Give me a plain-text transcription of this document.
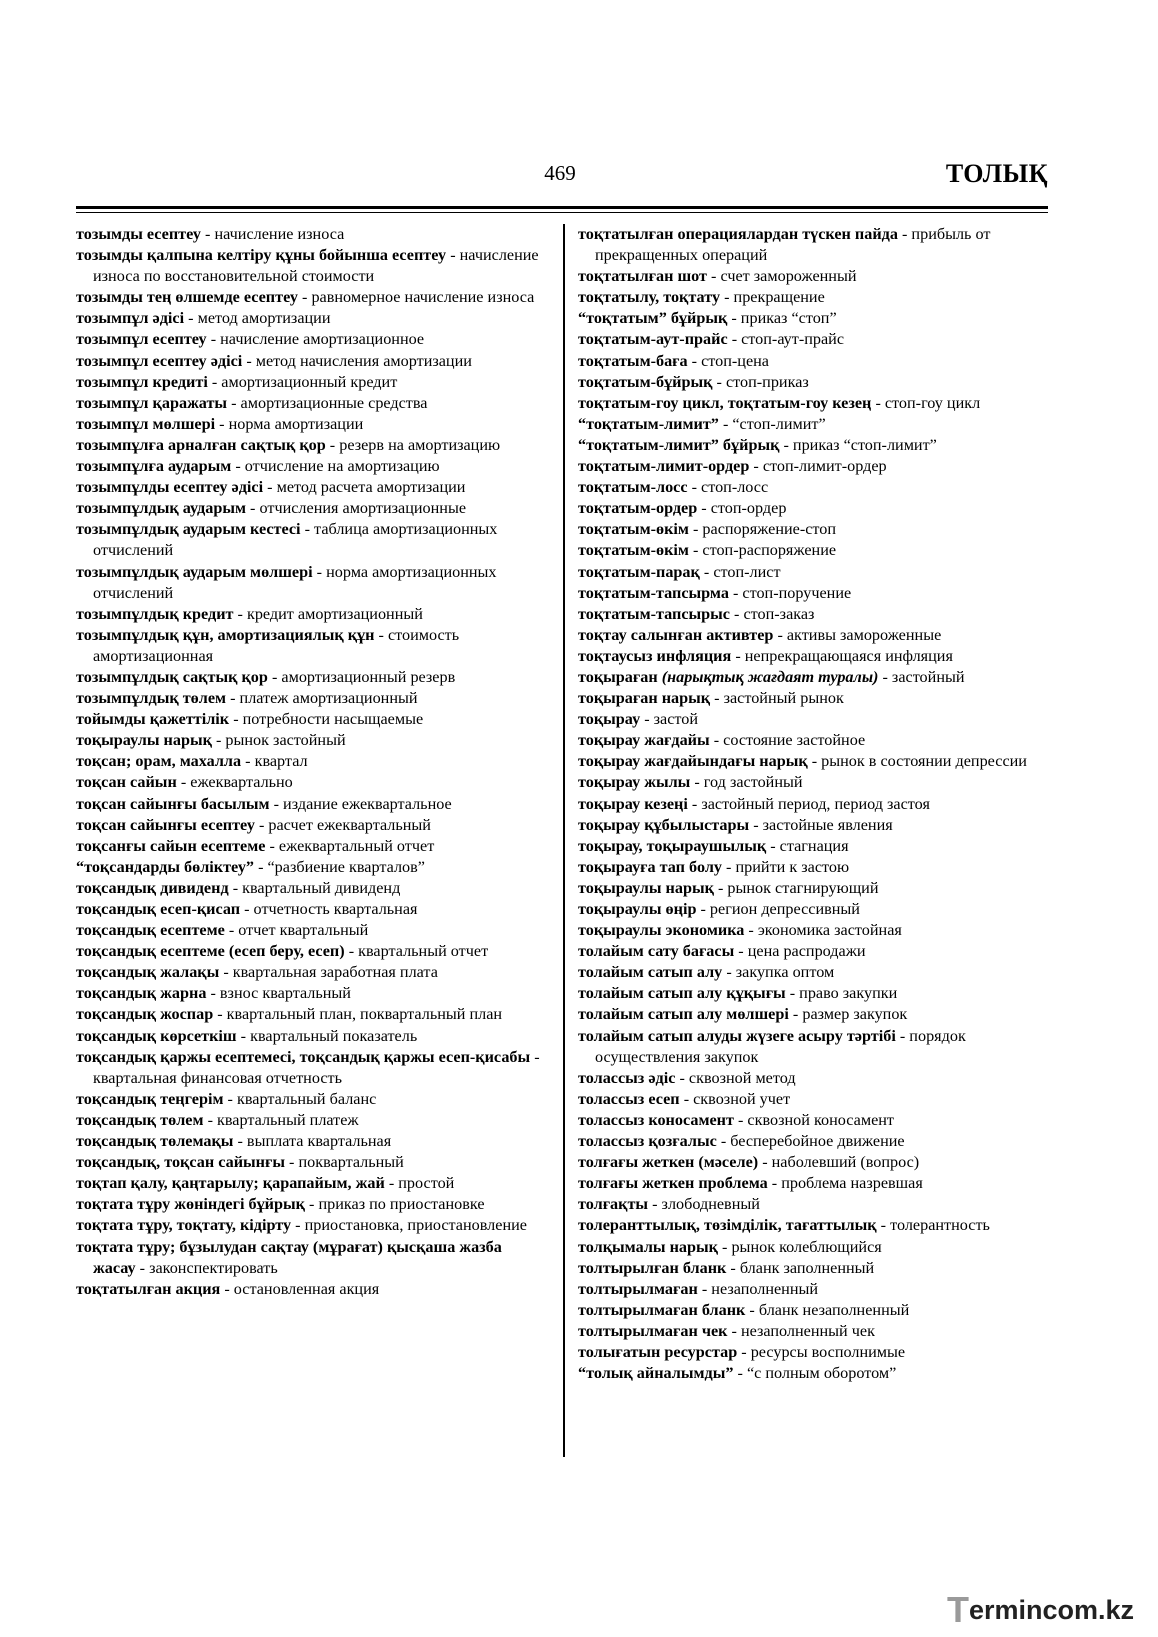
469	ТОЛЫҚ

тозымды есептеу - начисление износа

тозымды қалпына келтіру құны бойынша есептеу - начисление износа по восстановительной стоимости

тозымды тең өлшемде есептеу - равномерное начисление износа

тозымпұл әдісі - метод амортизации

тозымпұл есептеу - начисление амортизационное

тозымпұл есептеу әдісі - метод начисления амортизации

тозымпұл кредиті - амортизационный кредит

тозымпұл қаражаты - амортизационные средства

тозымпұл мөлшері - норма амортизации

тозымпұлға арналған сақтық қор - резерв на амортизацию

тозымпұлға аударым - отчисление на амортизацию

тозымпұлды есептеу әдісі - метод расчета амортизации

тозымпұлдық аударым - отчисления амортизационные

тозымпұлдық аударым кестесі - таблица амортизационных отчислений

тозымпұлдық аударым мөлшері - норма амортизационных отчислений

тозымпұлдық кредит - кредит амортизационный

тозымпұлдық құн, амортизациялық құн - стоимость амортизационная

тозымпұлдық сақтық қор - амортизационный резерв

тозымпұлдық төлем - платеж амортизационный

тойымды қажеттілік - потребности насыщаемые

тоқыраулы нарық - рынок застойный

тоқсан; орам, махалла - квартал

тоқсан сайын - ежеквартально

тоқсан сайынғы басылым - издание ежеквартальное

тоқсан сайынғы есептеу - расчет ежеквартальный

тоқсанғы сайын есептеме - ежеквартальный отчет

“тоқсандарды бөліктеу” - “разбиение кварталов”

тоқсандық дивиденд - квартальный дивиденд

тоқсандық есеп-қисап - отчетность квартальная

тоқсандық есептеме - отчет квартальный

тоқсандық есептеме (есеп беру, есеп) - квартальный отчет

тоқсандық жалақы - квартальная заработная плата

тоқсандық жарна - взнос квартальный

тоқсандық жоспар - квартальный план, поквартальный план

тоқсандық көрсеткіш - квартальный показатель

тоқсандық қаржы есептемесі, тоқсандық қаржы есеп-қисабы - квартальная финансовая отчетность

тоқсандық теңгерім - квартальный баланс

тоқсандық төлем - квартальный платеж

тоқсандық төлемақы - выплата квартальная

тоқсандық, тоқсан сайынғы - поквартальный

тоқтап қалу, қаңтарылу; қарапайым, жай - простой

тоқтата тұру жөніндегі бұйрық - приказ по приостановке

тоқтата тұру, тоқтату, кідірту - приостановка, приостановление

тоқтата тұру; бұзылудан сақтау (мұрағат) қысқаша жазба жасау - законспектировать

тоқтатылған акция - остановленная акция

тоқтатылған операциялардан түскен пайда - прибыль от прекращенных операций

тоқтатылған шот - счет замороженный

тоқтатылу, тоқтату - прекращение

“тоқтатым” бұйрық - приказ “стоп”

тоқтатым-аут-прайс - стоп-аут-прайс

тоқтатым-баға - стоп-цена

тоқтатым-бұйрық - стоп-приказ

тоқтатым-гоу цикл, тоқтатым-гоу кезең - стоп-гоу цикл

“тоқтатым-лимит” - “стоп-лимит”

“тоқтатым-лимит” бұйрық - приказ “стоп-лимит”

тоқтатым-лимит-ордер - стоп-лимит-ордер

тоқтатым-лосс - стоп-лосс

тоқтатым-ордер - стоп-ордер

тоқтатым-өкім - распоряжение-стоп

тоқтатым-өкім - стоп-распоряжение

тоқтатым-парақ - стоп-лист

тоқтатым-тапсырма - стоп-поручение

тоқтатым-тапсырыс - стоп-заказ

тоқтау салынған активтер - активы замороженные

тоқтаусыз инфляция - непрекращающаяся инфляция

тоқыраған (нарықтық жағдаят туралы) - застойный

тоқыраған нарық - застойный рынок

тоқырау - застой

тоқырау жағдайы - состояние застойное

тоқырау жағдайындағы нарық - рынок в состоянии депрессии

тоқырау жылы - год застойный

тоқырау кезеңі - застойный период, период застоя

тоқырау құбылыстары - застойные явления

тоқырау, тоқыраушылық - стагнация

тоқырауға тап болу - прийти к застою

тоқыраулы нарық - рынок стагнирующий

тоқыраулы өңір - регион депрессивный

тоқыраулы экономика - экономика застойная

толайым сату бағасы - цена распродажи

толайым сатып алу - закупка оптом

толайым сатып алу құқығы - право закупки

толайым сатып алу мөлшері - размер закупок

толайым сатып алуды жүзеге асыру тәртібі - порядок осуществления закупок

толассыз әдіс - сквозной метод

толассыз есеп - сквозной учет

толассыз коносамент - сквозной коносамент

толассыз қозғалыс - бесперебойное движение

толғағы жеткен (мәселе) - наболевший (вопрос)

толғағы жеткен проблема - проблема назревшая

толғақты - злободневный

толеранттылық, төзімділік, тағаттылық - толерантность

толқымалы нарық - рынок колеблющийся

толтырылған бланк - бланк заполненный

толтырылмаған - незаполненный

толтырылмаған бланк - бланк незаполненный

толтырылмаған чек - незаполненный чек

толығатын ресурстар - ресурсы восполнимые

“толық айналымды” - “с полным оборотом”

T ermincom.kz
